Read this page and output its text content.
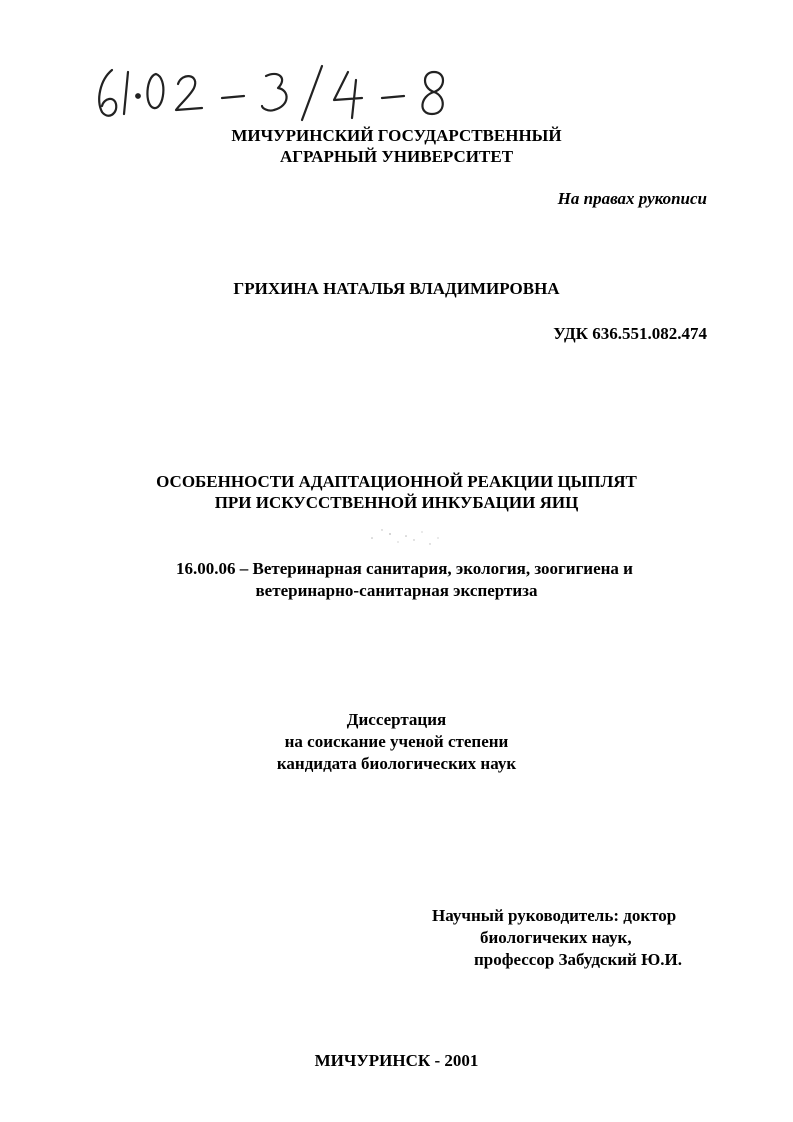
МИЧУРИНСКИЙ ГОСУДАРСТВЕННЫЙ
АГРАРНЫЙ УНИВЕРСИТЕТ
На правах рукописи
ГРИХИНА НАТАЛЬЯ ВЛАДИМИРОВНА
УДК 636.551.082.474
ОСОБЕННОСТИ АДАПТАЦИОННОЙ РЕАКЦИИ ЦЫПЛЯТ
ПРИ ИСКУССТВЕННОЙ ИНКУБАЦИИ ЯИЦ
16.00.06 – Ветеринарная санитария, экология, зоогигиена и
ветеринарно-санитарная экспертиза
Диссертация
на соискание ученой степени
кандидата биологических наук
Научный руководитель: доктор
биологичеких наук,
профессор Забудский Ю.И.
МИЧУРИНСК - 2001
